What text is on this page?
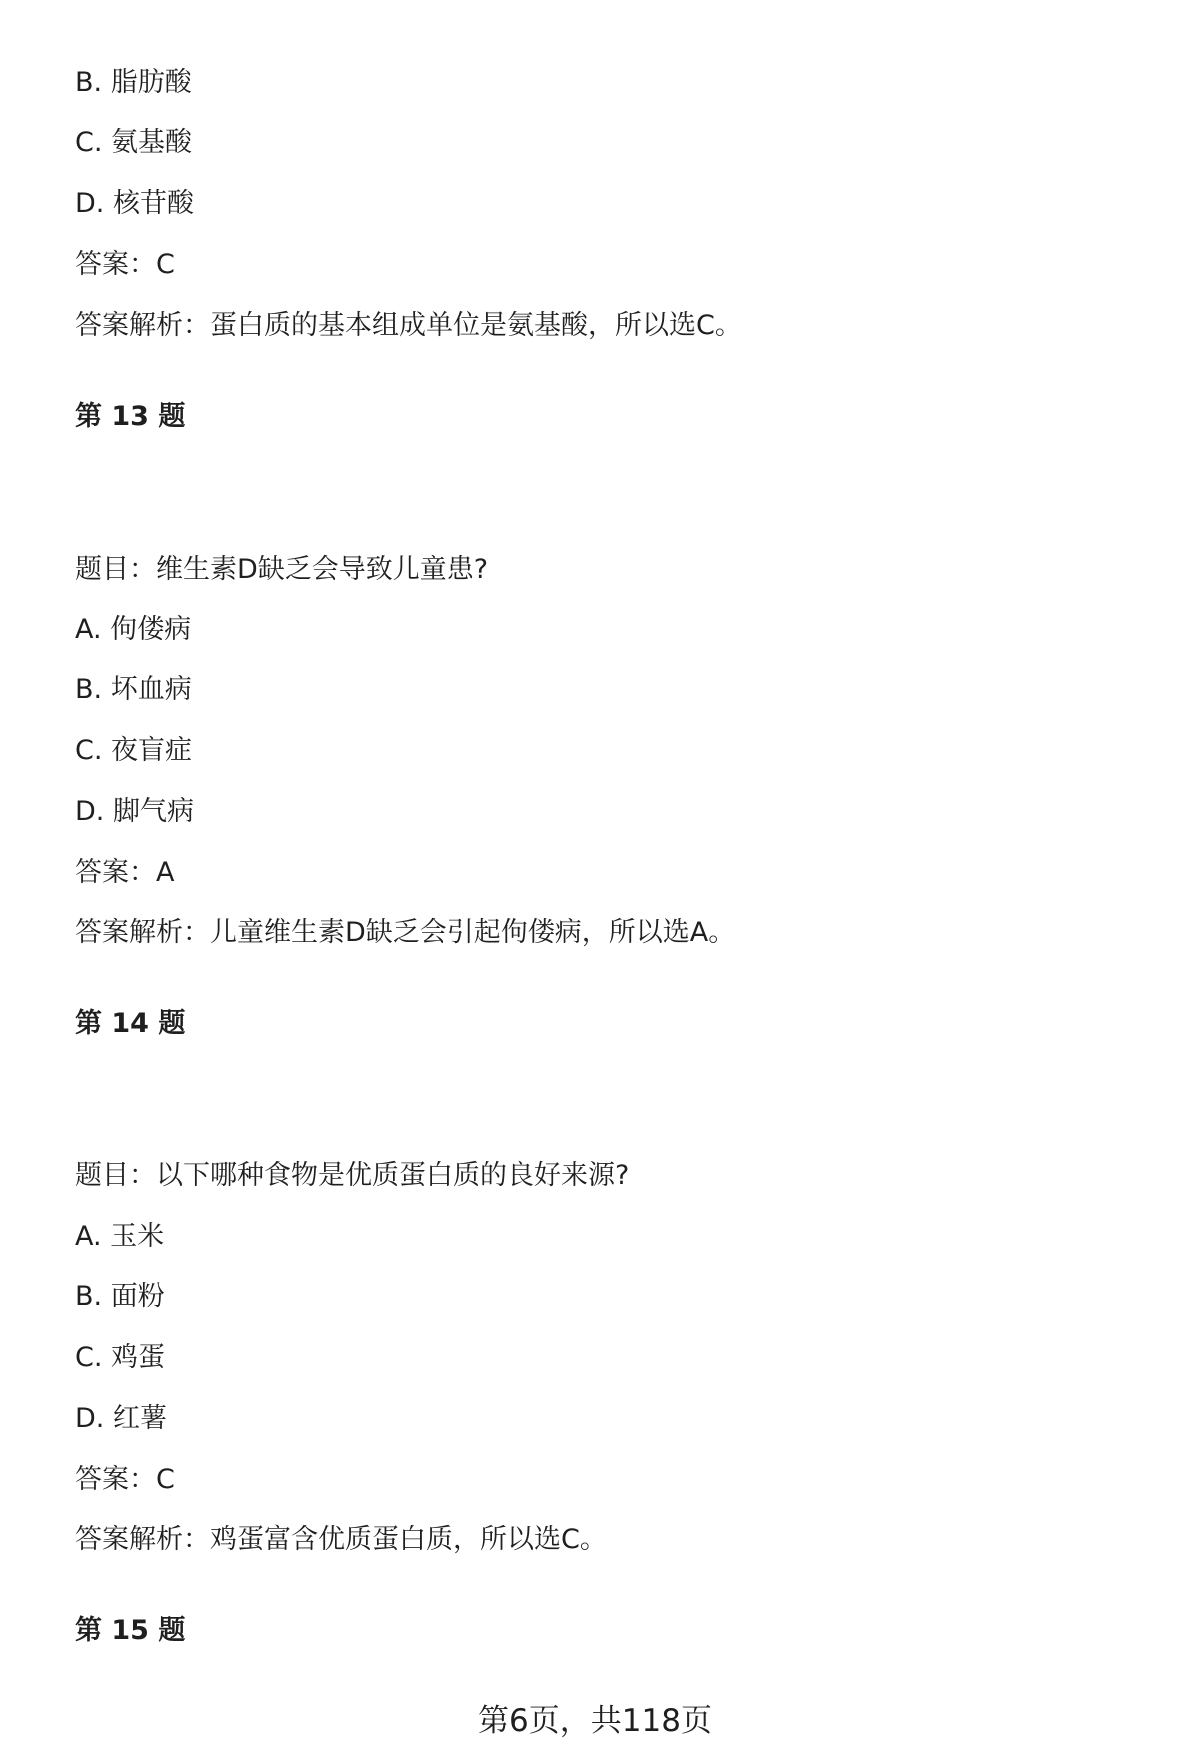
B. 脂肪酸
C. 氨基酸
D. 核苷酸
答案：C
答案解析：蛋白质的基本组成单位是氨基酸，所以选C。
第 13 题
题目：维生素D缺乏会导致儿童患?
A. 佝偻病
B. 坏血病
C. 夜盲症
D. 脚气病
答案：A
答案解析：儿童维生素D缺乏会引起佝偻病，所以选A。
第 14 题
题目：以下哪种食物是优质蛋白质的良好来源?
A. 玉米
B. 面粉
C. 鸡蛋
D. 红薯
答案：C
答案解析：鸡蛋富含优质蛋白质，所以选C。
第 15 题
第6页，共118页
